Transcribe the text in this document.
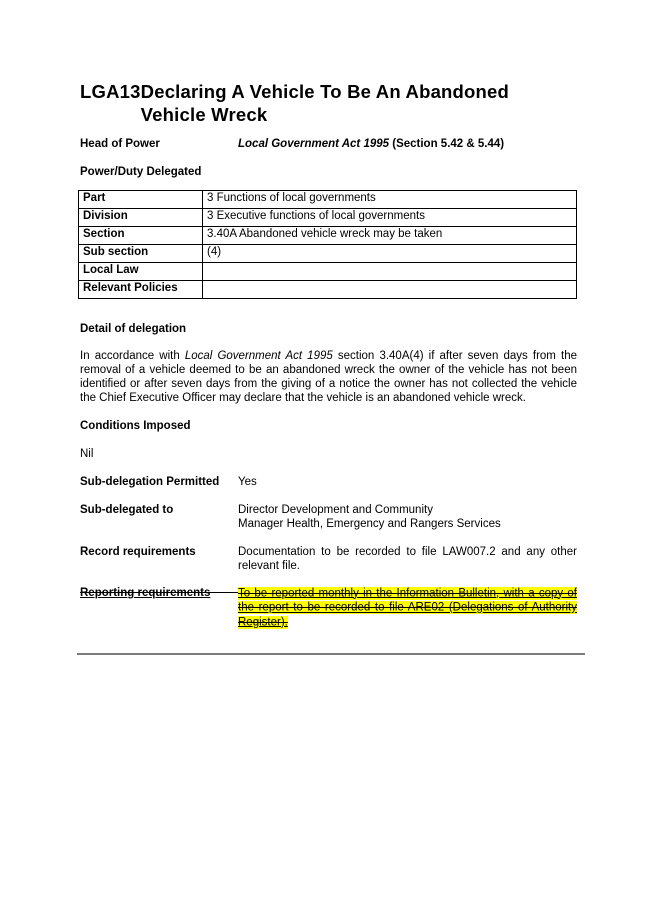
LGA13 Declaring A Vehicle To Be An Abandoned Vehicle Wreck
Head of Power	Local Government Act 1995 (Section 5.42 & 5.44)
Power/Duty Delegated
Part	3 Functions of local governments
Division	3 Executive functions of local governments
Section	3.40A Abandoned vehicle wreck may be taken
Sub section	(4)
Local Law	
Relevant Policies	
Detail of delegation
In accordance with Local Government Act 1995 section 3.40A(4) if after seven days from the removal of a vehicle deemed to be an abandoned wreck the owner of the vehicle has not been identified or after seven days from the giving of a notice the owner has not collected the vehicle the Chief Executive Officer may declare that the vehicle is an abandoned vehicle wreck.
Conditions Imposed
Nil
Sub-delegation Permitted	Yes
Sub-delegated to	Director Development and Community
Manager Health, Emergency and Rangers Services
Record requirements	Documentation to be recorded to file LAW007.2 and any other relevant file.
Reporting requirements	To be reported monthly in the Information Bulletin, with a copy of the report to be recorded to file ARE02 (Delegations of Authority Register).
